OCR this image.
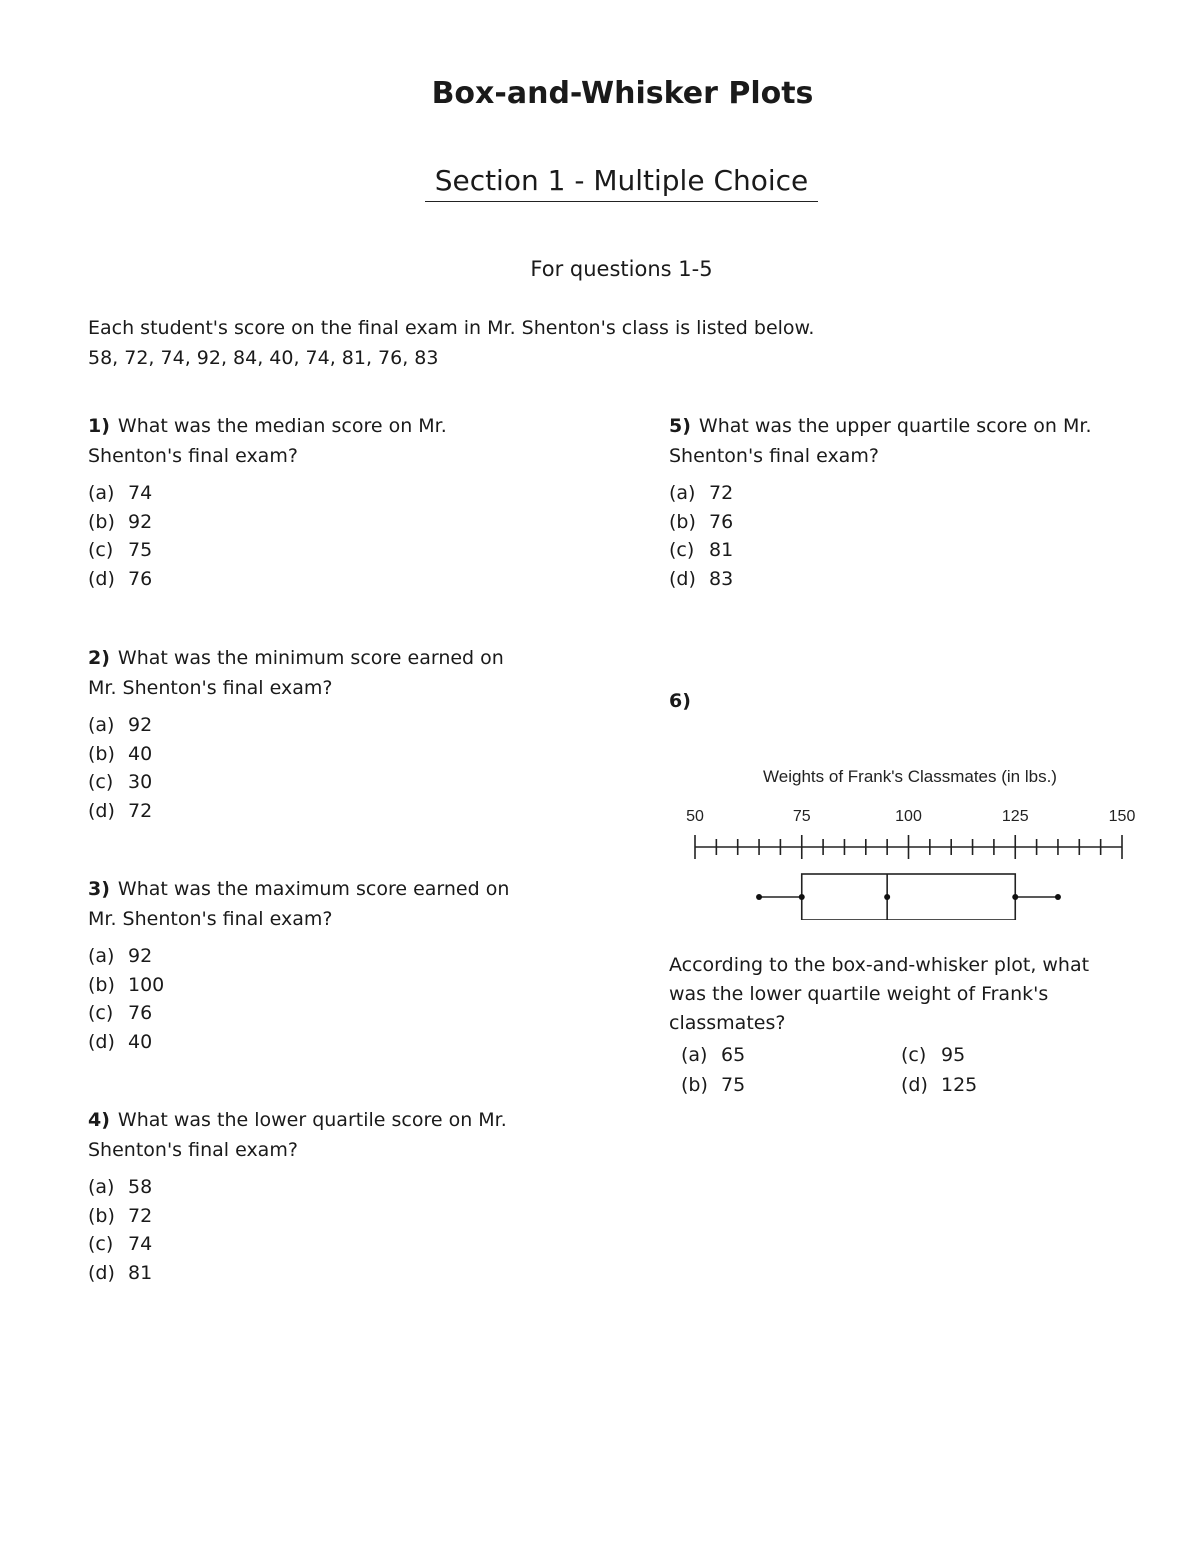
Box-and-Whisker Plots
Section 1 - Multiple Choice
For questions 1-5
Each student's score on the final exam in Mr. Shenton's class is listed below.
58, 72, 74, 92, 84, 40, 74, 81, 76, 83

1) What was the median score on Mr.
Shenton's final exam?

(a) 74
(b) 92
(c) 75
(d) 76

2) What was the minimum score earned on
Mr. Shenton's final exam?

(a) 92
(b) 40
(c) 30
(d) 72

3) What was the maximum score earned on
Mr. Shenton's final exam?

(a) 92
(b) 100
(c) 76
(d) 40

4) What was the lower quartile score on Mr.
Shenton's final exam?

(a) 58
(b) 72
(c) 74
(d) 81

5) What was the upper quartile score on Mr.
Shenton's final exam?

(a) 72
(b) 76
(c) 81
(d) 83
6)
Weights of Frank's Classmates (in lbs.)
50	75	100	125	150

According to the box-and-whisker plot, what
was the lower quartile weight of Frank's
classmates?

(a) 65	(c) 95
(b) 75	(d) 125
